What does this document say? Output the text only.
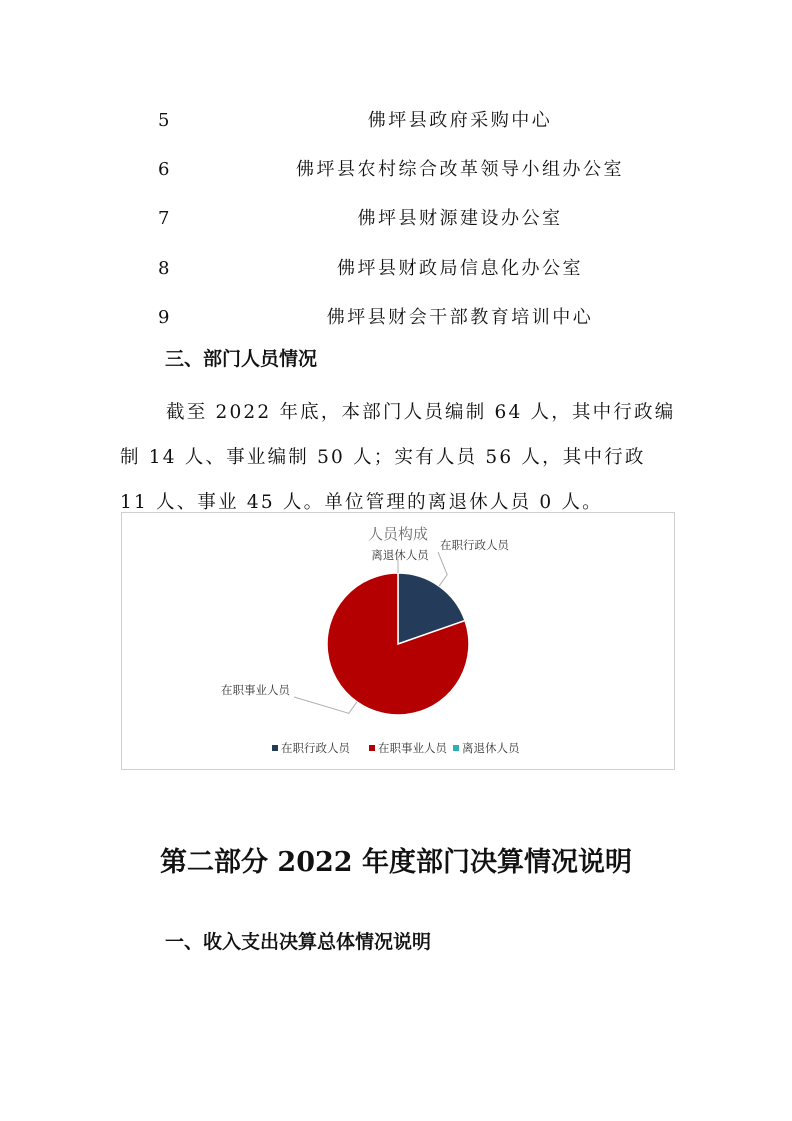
5	佛坪县政府采购中心
6	佛坪县农村综合改革领导小组办公室
7	佛坪县财源建设办公室
8	佛坪县财政局信息化办公室
9	佛坪县财会干部教育培训中心
三、部门人员情况
截至 2022 年底，本部门人员编制 64 人，其中行政编制 14 人、事业编制 50 人；实有人员 56 人，其中行政 11 人、事业 45 人。单位管理的离退休人员 0 人。
人员构成
在职行政人员
在职事业人员
离退休人员
在职行政人员 在职事业人员 离退休人员
第二部分 2022 年度部门决算情况说明
一、收入支出决算总体情况说明
